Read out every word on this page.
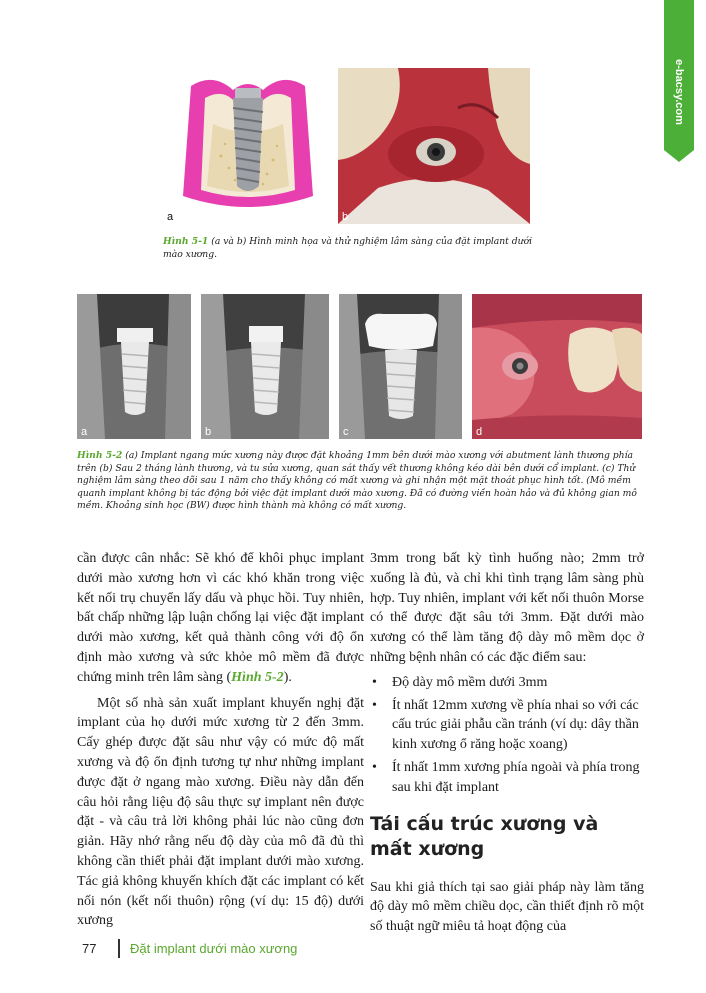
e-bacsy.com
a	b
Hình 5-1 (a và b) Hình minh họa và thử nghiệm lâm sàng của đặt implant dưới mào xương.
a	b	c	d
Hình 5-2 (a) Implant ngang mức xương này được đặt khoảng 1mm bên dưới mào xương với abutment lành thương phía trên (b) Sau 2 tháng lành thương, và tu sửa xương, quan sát thấy vết thương không kéo dài bên dưới cổ implant. (c) Thử nghiệm lâm sàng theo dõi sau 1 năm cho thấy không có mất xương và ghi nhận một mặt thoát phục hình tốt. (Mô mềm quanh implant không bị tác động bởi việc đặt implant dưới mào xương. Đã có đường viền hoàn hảo và đủ không gian mô mềm. Khoảng sinh học (BW) được hình thành mà không có mất xương.

cần được cân nhắc: Sẽ khó để khôi phục implant dưới mào xương hơn vì các khó khăn trong việc kết nối trụ chuyển lấy dấu và phục hồi. Tuy nhiên, bất chấp những lập luận chống lại việc đặt implant dưới mào xương, kết quả thành công với độ ổn định mào xương và sức khỏe mô mềm đã được chứng minh trên lâm sàng (Hình 5-2).

Một số nhà sản xuất implant khuyến nghị đặt implant của họ dưới mức xương từ 2 đến 3mm. Cấy ghép được đặt sâu như vậy có mức độ mất xương và độ ổn định tương tự như những implant được đặt ở ngang mào xương. Điều này dẫn đến câu hỏi rằng liệu độ sâu thực sự implant nên được đặt - và câu trả lời không phải lúc nào cũng đơn giản. Hãy nhớ rằng nếu độ dày của mô đã đủ thì không cần thiết phải đặt implant dưới mào xương. Tác giả không khuyến khích đặt các implant có kết nối nón (kết nối thuôn) rộng (ví dụ: 15 độ) dưới xương

3mm trong bất kỳ tình huống nào; 2mm trở xuống là đủ, và chỉ khi tình trạng lâm sàng phù hợp. Tuy nhiên, implant với kết nối thuôn Morse có thể được đặt sâu tới 3mm. Đặt dưới mào xương có thể làm tăng độ dày mô mềm dọc ở những bệnh nhân có các đặc điểm sau:

• Độ dày mô mềm dưới 3mm
• Ít nhất 12mm xương về phía nhai so với các cấu trúc giải phẫu cần tránh (ví dụ: dây thần kinh xương ổ răng hoặc xoang)
• Ít nhất 1mm xương phía ngoài và phía trong sau khi đặt implant
Tái cấu trúc xương và mất xương

Sau khi giả thích tại sao giải pháp này làm tăng độ dày mô mềm chiều dọc, cần thiết định rõ một số thuật ngữ miêu tả hoạt động của

77	Đặt implant dưới mào xương
